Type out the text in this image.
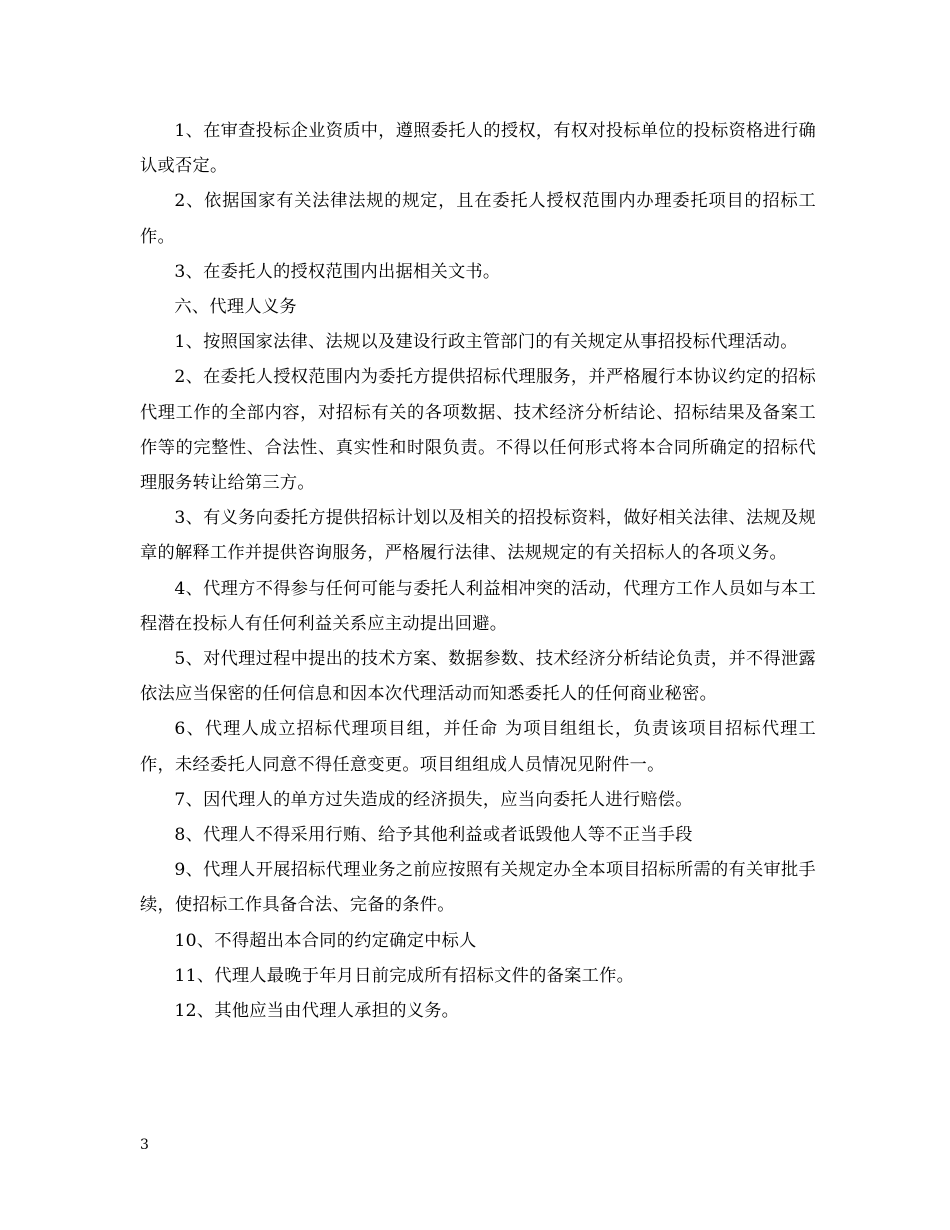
1、在审查投标企业资质中，遵照委托人的授权，有权对投标单位的投标资格进行确认或否定。

2、依据国家有关法律法规的规定，且在委托人授权范围内办理委托项目的招标工作。

3、在委托人的授权范围内出据相关文书。

六、代理人义务

1、按照国家法律、法规以及建设行政主管部门的有关规定从事招投标代理活动。

2、在委托人授权范围内为委托方提供招标代理服务，并严格履行本协议约定的招标代理工作的全部内容，对招标有关的各项数据、技术经济分析结论、招标结果及备案工作等的完整性、合法性、真实性和时限负责。不得以任何形式将本合同所确定的招标代理服务转让给第三方。

3、有义务向委托方提供招标计划以及相关的招投标资料，做好相关法律、法规及规章的解释工作并提供咨询服务，严格履行法律、法规规定的有关招标人的各项义务。

4、代理方不得参与任何可能与委托人利益相冲突的活动，代理方工作人员如与本工程潜在投标人有任何利益关系应主动提出回避。

5、对代理过程中提出的技术方案、数据参数、技术经济分析结论负责，并不得泄露依法应当保密的任何信息和因本次代理活动而知悉委托人的任何商业秘密。

6、代理人成立招标代理项目组，并任命 为项目组组长，负责该项目招标代理工作，未经委托人同意不得任意变更。项目组组成人员情况见附件一。

7、因代理人的单方过失造成的经济损失，应当向委托人进行赔偿。

8、代理人不得采用行贿、给予其他利益或者诋毁他人等不正当手段

9、代理人开展招标代理业务之前应按照有关规定办全本项目招标所需的有关审批手续，使招标工作具备合法、完备的条件。

10、不得超出本合同的约定确定中标人

11、代理人最晚于年月日前完成所有招标文件的备案工作。

12、其他应当由代理人承担的义务。

3
